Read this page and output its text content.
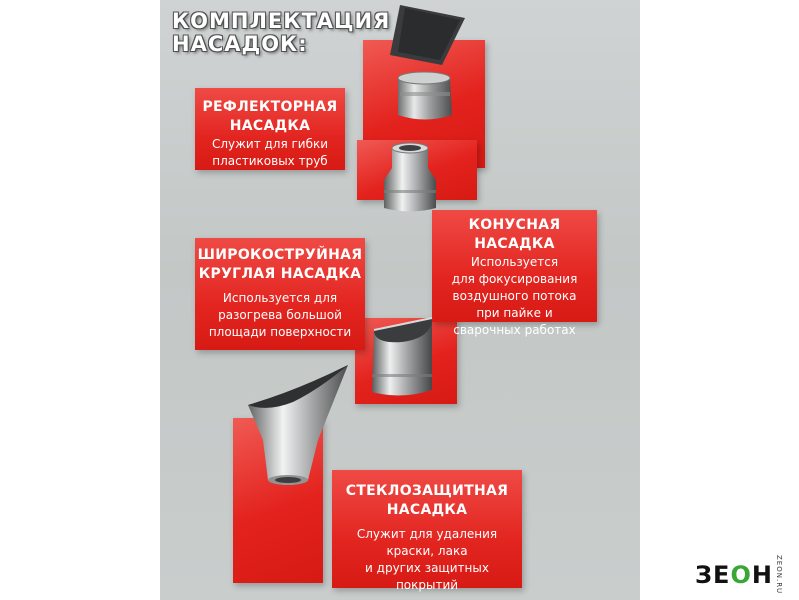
КОМПЛЕКТАЦИЯ
НАСАДОК:
РЕФЛЕКТОРНАЯ
НАСАДКА
Служит для гибки
пластиковых труб
КОНУСНАЯ
НАСАДКА
Используется
для фокусирования
воздушного потока
при пайке и
сварочных работах
ШИРОКОСТРУЙНАЯ
КРУГЛАЯ НАСАДКА
Используется для
разогрева большой
площади поверхности
СТЕКЛОЗАЩИТНАЯ
НАСАДКА
Служит для удаления
краски, лака
и других защитных
покрытий	ЗЕ О Н ZEON.RU
